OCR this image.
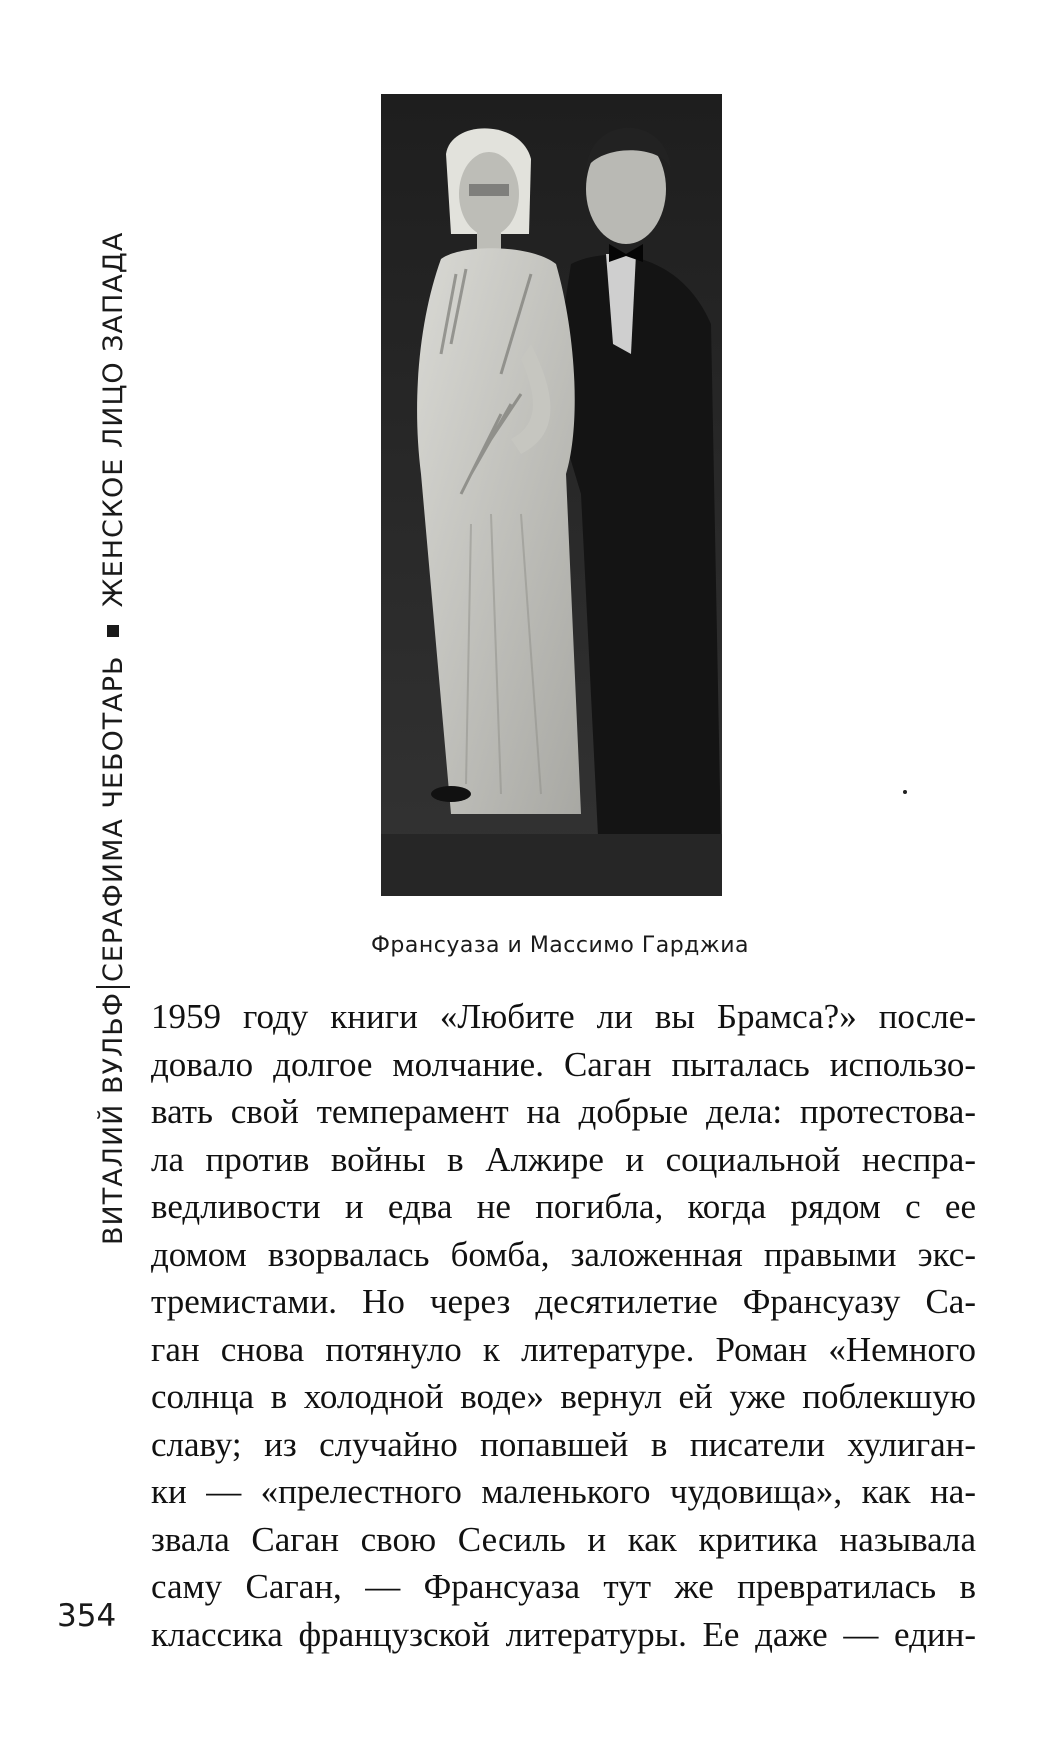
ВИТАЛИЙ ВУЛЬФ
СЕРАФИМА ЧЕБОТАРЬ
ЖЕНСКОЕ ЛИЦО ЗАПАДА
Франсуаза и Массимо Гарджиа
1959 году книги «Любите ли вы Брамса?» после-
довало долгое молчание. Саган пыталась использо-
вать свой темперамент на добрые дела: протестова-
ла против войны в Алжире и социальной неспра-
ведливости и едва не погибла, когда рядом с ее
домом взорвалась бомба, заложенная правыми экс-
тремистами. Но через десятилетие Франсуазу Са-
ган снова потянуло к литературе. Роман «Немного
солнца в холодной воде» вернул ей уже поблекшую
славу; из случайно попавшей в писатели хулиган-
ки — «прелестного маленького чудовища», как на-
звала Саган свою Сесиль и как критика называла
саму Саган, — Франсуаза тут же превратилась в
классика французской литературы. Ее даже — един-
354
